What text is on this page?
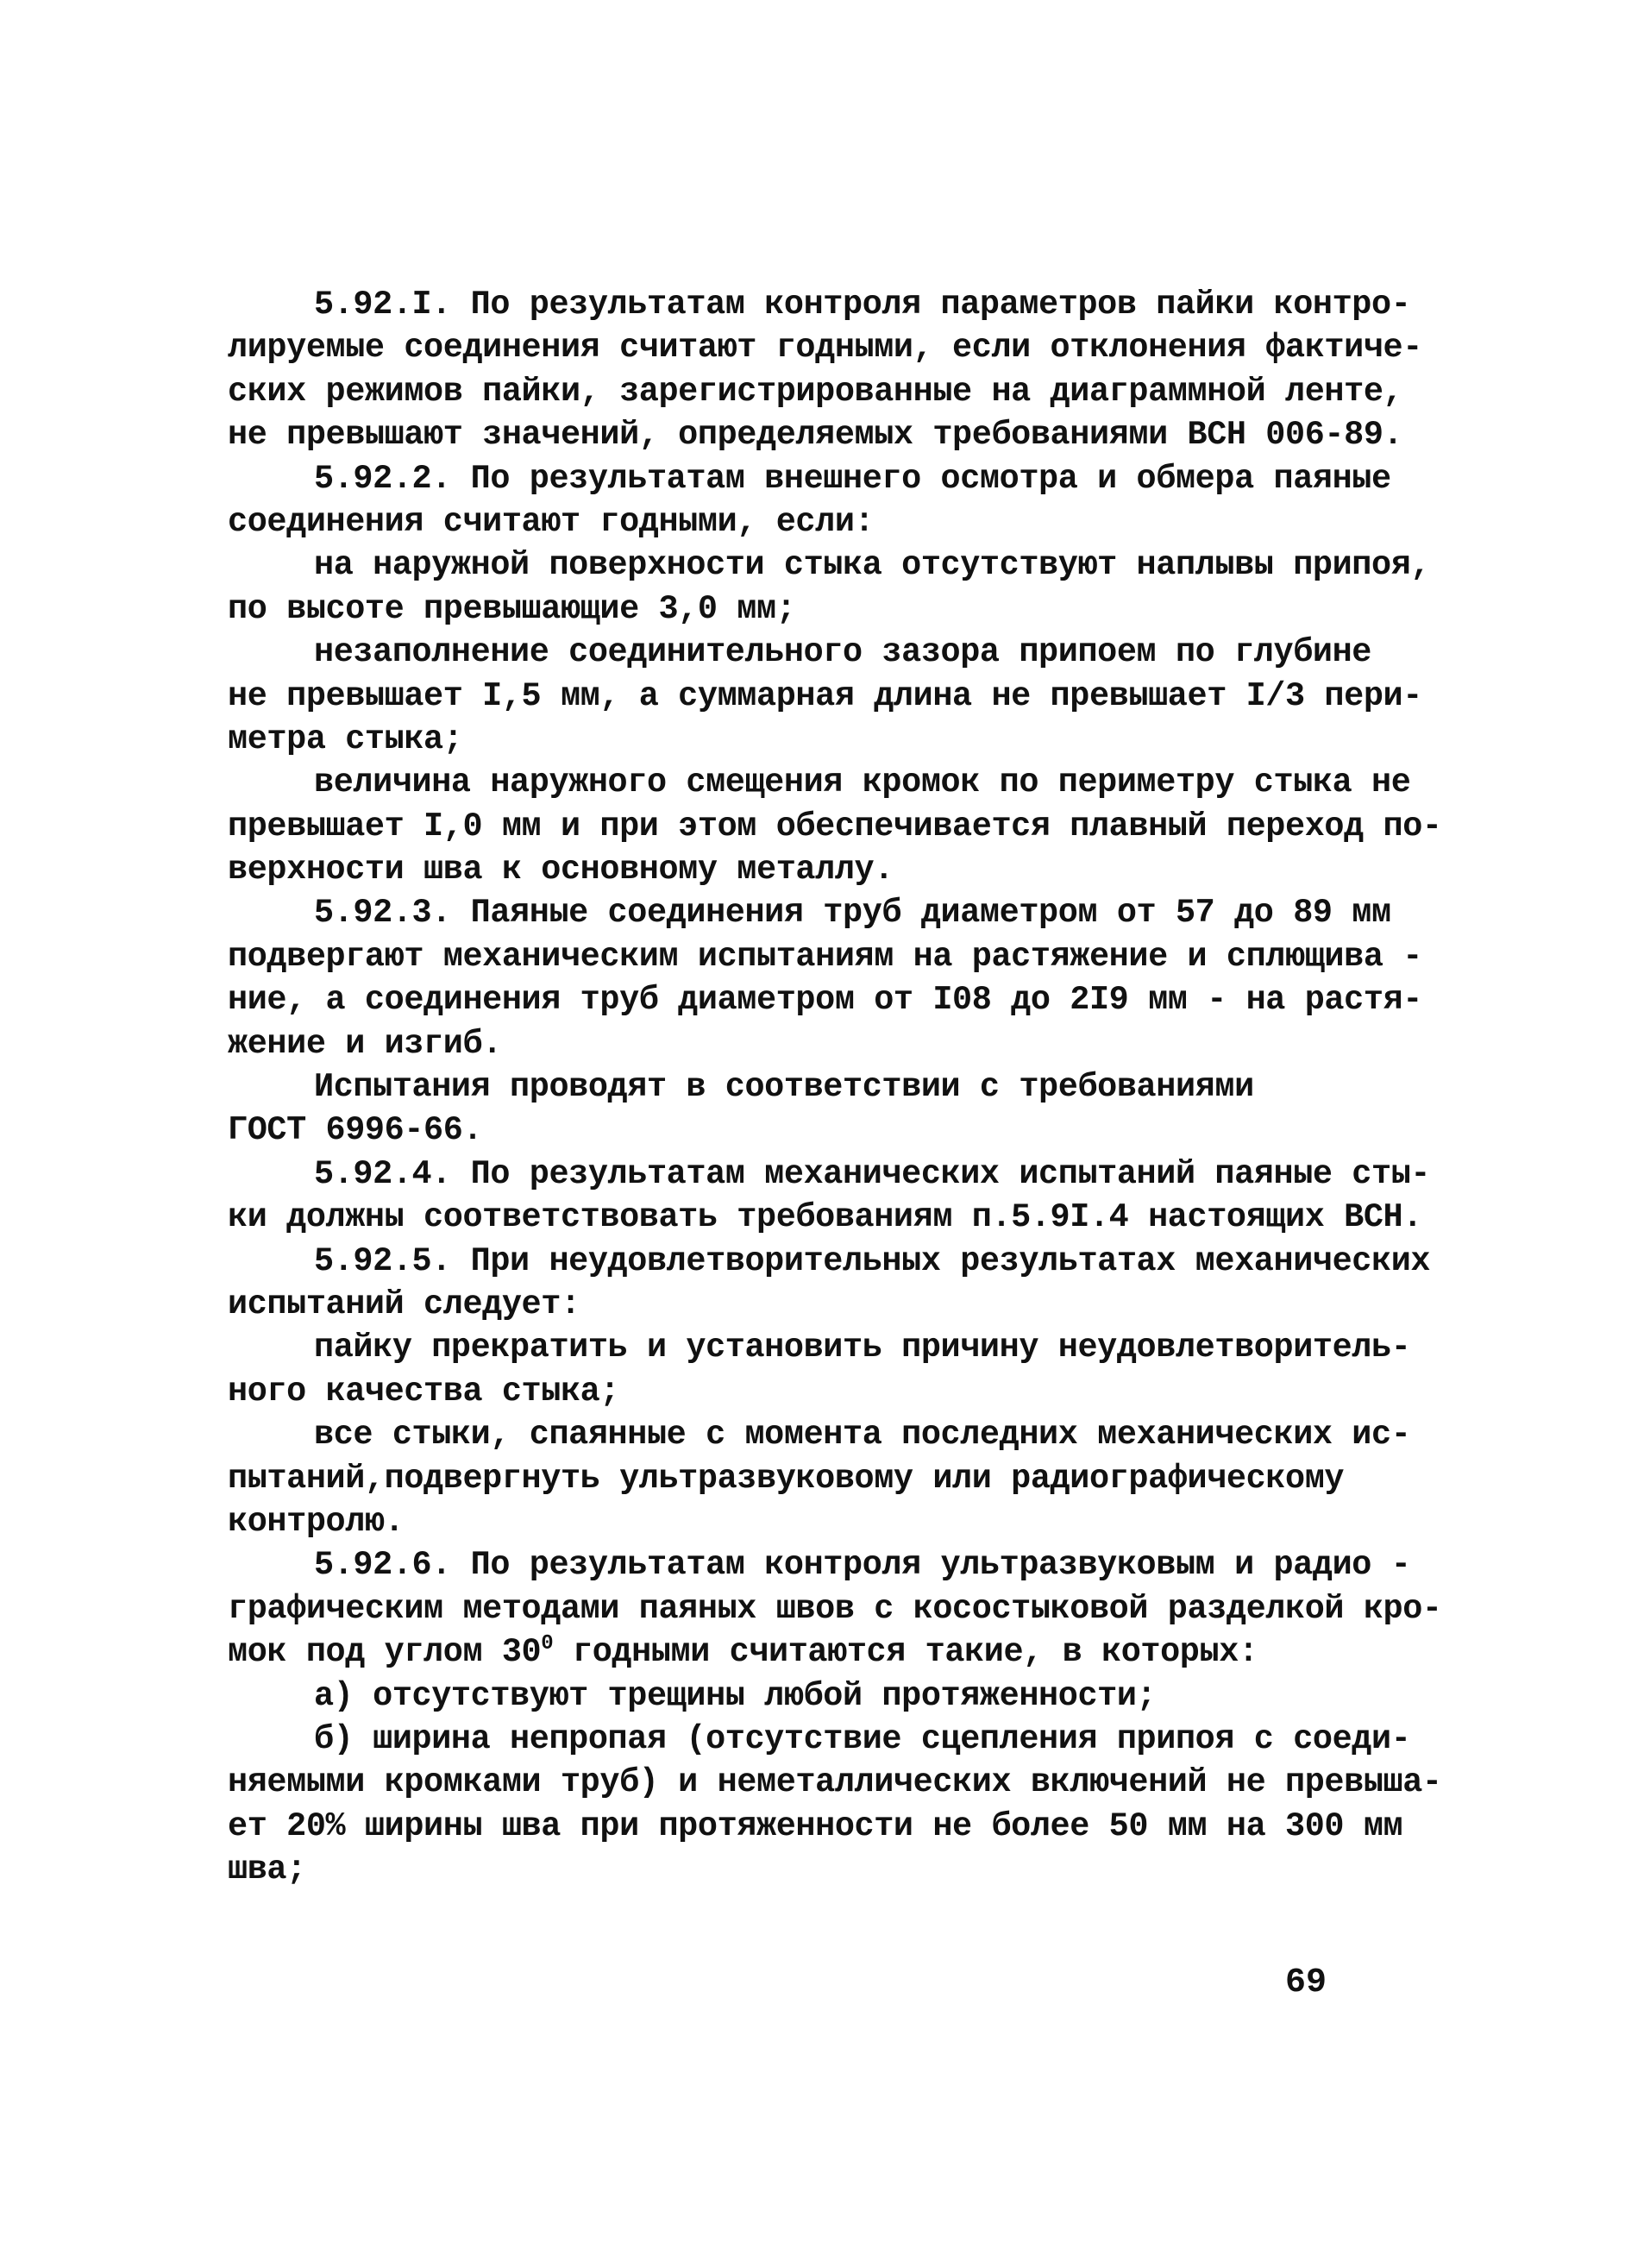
5.92.I. По результатам контроля параметров пайки контро-
лируемые соединения считают годными, если отклонения фактиче-
ских режимов пайки, зарегистрированные на диаграммной ленте,
не превышают значений, определяемых требованиями ВСН 006-89.
5.92.2. По результатам внешнего осмотра и обмера паяные
соединения считают годными, если:
на наружной поверхности стыка отсутствуют наплывы припоя,
по высоте превышающие 3,0 мм;
незаполнение соединительного зазора припоем по глубине
не превышает I,5 мм, а суммарная длина не превышает I/3 пери-
метра стыка;
величина наружного смещения кромок по периметру стыка не
превышает I,0 мм и при этом обеспечивается плавный переход по-
верхности шва к основному металлу.
5.92.3. Паяные соединения труб диаметром от 57 до 89 мм
подвергают механическим испытаниям на растяжение и сплющива -
ние, а соединения труб диаметром от I08 до 2I9 мм - на растя-
жение и изгиб.
Испытания проводят в соответствии с требованиями
ГОСТ 6996-66.
5.92.4. По результатам механических испытаний паяные сты-
ки должны соответствовать требованиям п.5.9I.4 настоящих ВСН.
5.92.5. При неудовлетворительных результатах механических
испытаний следует:
пайку прекратить и установить причину неудовлетворитель-
ного качества стыка;
все стыки, спаянные с момента последних механических ис-
пытаний,подвергнуть ультразвуковому или радиографическому
контролю.
5.92.6. По результатам контроля ультразвуковым и радио -
графическим методами паяных швов с косостыковой разделкой кро-
мок под углом $30^0$ годными считаются такие, в которых:
а) отсутствуют трещины любой протяженности;
б) ширина непропая (отсутствие сцепления припоя с соеди-
няемыми кромками труб) и неметаллических включений не превыша-
ет 20% ширины шва при протяженности не более 50 мм на 300 мм
шва;
69
